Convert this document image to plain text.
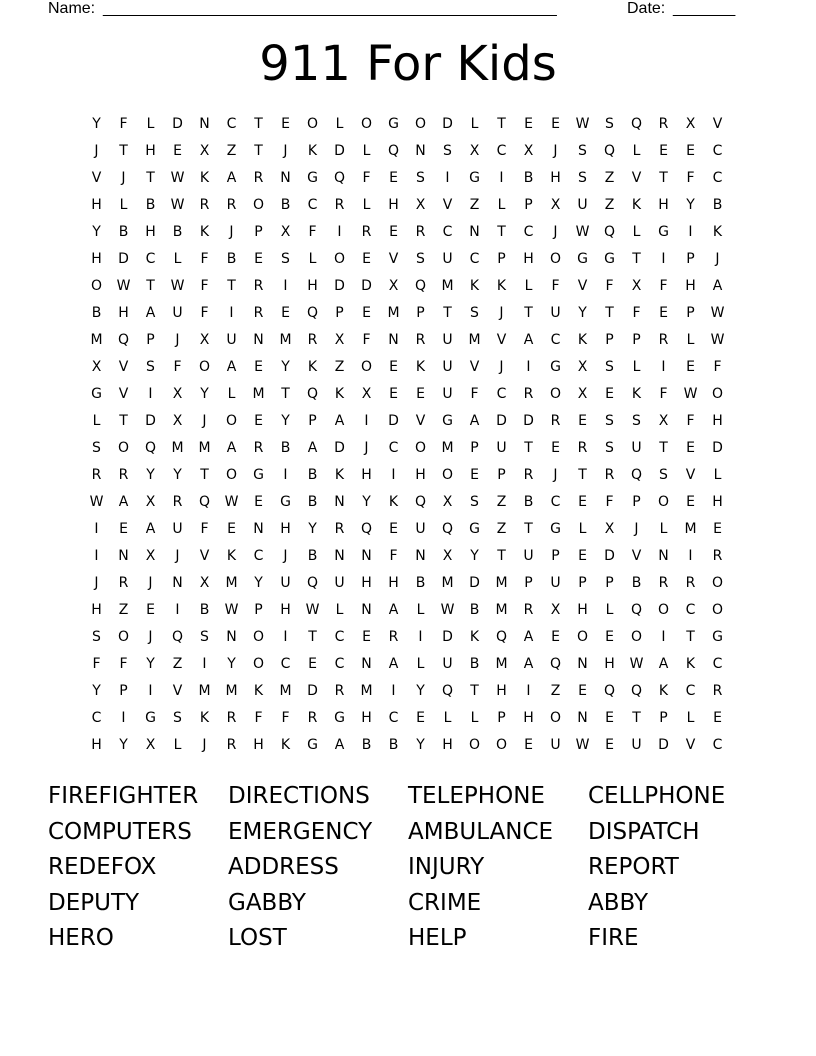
Name: ___________________________________________________	Date: _______
911 For Kids
Y	F	L	D	N	C	T	E	O	L	O	G	O	D	L	T	E	E	W	S	Q	R	X	V
J	T	H	E	X	Z	T	J	K	D	L	Q	N	S	X	C	X	J	S	Q	L	E	E	C
V	J	T	W	K	A	R	N	G	Q	F	E	S	I	G	I	B	H	S	Z	V	T	F	C
H	L	B	W	R	R	O	B	C	R	L	H	X	V	Z	L	P	X	U	Z	K	H	Y	B
Y	B	H	B	K	J	P	X	F	I	R	E	R	C	N	T	C	J	W	Q	L	G	I	K
H	D	C	L	F	B	E	S	L	O	E	V	S	U	C	P	H	O	G	G	T	I	P	J
O	W	T	W	F	T	R	I	H	D	D	X	Q	M	K	K	L	F	V	F	X	F	H	A
B	H	A	U	F	I	R	E	Q	P	E	M	P	T	S	J	T	U	Y	T	F	E	P	W
M	Q	P	J	X	U	N	M	R	X	F	N	R	U	M	V	A	C	K	P	P	R	L	W
X	V	S	F	O	A	E	Y	K	Z	O	E	K	U	V	J	I	G	X	S	L	I	E	F
G	V	I	X	Y	L	M	T	Q	K	X	E	E	U	F	C	R	O	X	E	K	F	W	O
L	T	D	X	J	O	E	Y	P	A	I	D	V	G	A	D	D	R	E	S	S	X	F	H
S	O	Q	M	M	A	R	B	A	D	J	C	O	M	P	U	T	E	R	S	U	T	E	D
R	R	Y	Y	T	O	G	I	B	K	H	I	H	O	E	P	R	J	T	R	Q	S	V	L
W	A	X	R	Q	W	E	G	B	N	Y	K	Q	X	S	Z	B	C	E	F	P	O	E	H
I	E	A	U	F	E	N	H	Y	R	Q	E	U	Q	G	Z	T	G	L	X	J	L	M	E
I	N	X	J	V	K	C	J	B	N	N	F	N	X	Y	T	U	P	E	D	V	N	I	R
J	R	J	N	X	M	Y	U	Q	U	H	H	B	M	D	M	P	U	P	P	B	R	R	O
H	Z	E	I	B	W	P	H	W	L	N	A	L	W	B	M	R	X	H	L	Q	O	C	O
S	O	J	Q	S	N	O	I	T	C	E	R	I	D	K	Q	A	E	O	E	O	I	T	G
F	F	Y	Z	I	Y	O	C	E	C	N	A	L	U	B	M	A	Q	N	H	W	A	K	C
Y	P	I	V	M	M	K	M	D	R	M	I	Y	Q	T	H	I	Z	E	Q	Q	K	C	R
C	I	G	S	K	R	F	F	R	G	H	C	E	L	L	P	H	O	N	E	T	P	L	E
H	Y	X	L	J	R	H	K	G	A	B	B	Y	H	O	O	E	U	W	E	U	D	V	C
FIREFIGHTER	DIRECTIONS	TELEPHONE	CELLPHONE
COMPUTERS	EMERGENCY	AMBULANCE	DISPATCH
REDEFOX	ADDRESS	INJURY	REPORT
DEPUTY	GABBY	CRIME	ABBY
HERO	LOST	HELP	FIRE
